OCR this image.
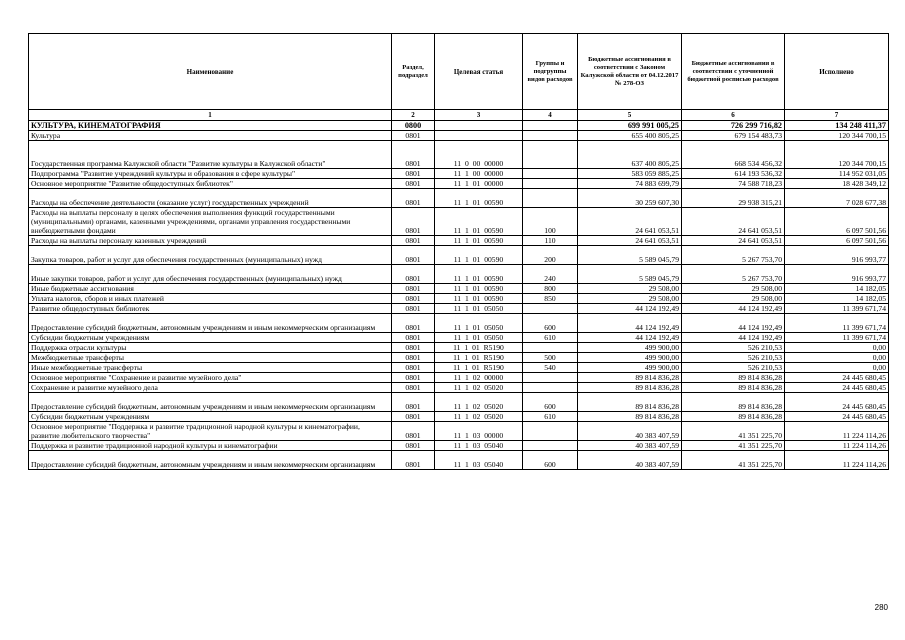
Наименование	Раздел, подраздел	Целевая статья	Группы и подгруппы видов расходов	Бюджетные ассигнования в соответствии с Законом Калужской области от 04.12.2017 № 278-ОЗ	Бюджетные ассигнования в соответствии с уточненной бюджетной росписью расходов	Исполнено
1	2	3	4	5	6	7
КУЛЬТУРА, КИНЕМАТОГРАФИЯ	0800			699 991 005,25	726 299 716,82	134 248 411,37
Культура	0801			655 400 805,25	679 154 483,73	120 344 700,15
Государственная программа Калужской области "Развитие культуры в Калужской области"	0801	11 0 00 00000		637 400 805,25	668 534 456,32	120 344 700,15
Подпрограмма "Развитие учреждений культуры и образования в сфере культуры"	0801	11 1 00 00000		583 059 885,25	614 193 536,32	114 952 031,05
Основное мероприятие "Развитие общедоступных библиотек"	0801	11 1 01 00000		74 883 699,79	74 588 718,23	18 428 349,12
Расходы на обеспечение деятельности (оказание услуг) государственных учреждений	0801	11 1 01 00590		30 259 607,30	29 938 315,21	7 028 677,38
Расходы на выплаты персоналу в целях обеспечения выполнения функций государственными (муниципальными) органами, казенными учреждениями, органами управления государственными внебюджетными фондами	0801	11 1 01 00590	100	24 641 053,51	24 641 053,51	6 097 501,56
Расходы на выплаты персоналу казенных учреждений	0801	11 1 01 00590	110	24 641 053,51	24 641 053,51	6 097 501,56
Закупка товаров, работ и услуг для обеспечения государственных (муниципальных) нужд	0801	11 1 01 00590	200	5 589 045,79	5 267 753,70	916 993,77
Иные закупки товаров, работ и услуг для обеспечения государственных (муниципальных) нужд	0801	11 1 01 00590	240	5 589 045,79	5 267 753,70	916 993,77
Иные бюджетные ассигнования	0801	11 1 01 00590	800	29 508,00	29 508,00	14 182,05
Уплата налогов, сборов и иных платежей	0801	11 1 01 00590	850	29 508,00	29 508,00	14 182,05
Развитие общедоступных библиотек	0801	11 1 01 05050		44 124 192,49	44 124 192,49	11 399 671,74
Предоставление субсидий бюджетным, автономным учреждениям и иным некоммерческим организациям	0801	11 1 01 05050	600	44 124 192,49	44 124 192,49	11 399 671,74
Субсидии бюджетным учреждениям	0801	11 1 01 05050	610	44 124 192,49	44 124 192,49	11 399 671,74
Поддержка отрасли культуры	0801	11 1 01 R5190		499 900,00	526 210,53	0,00
Межбюджетные трансферты	0801	11 1 01 R5190	500	499 900,00	526 210,53	0,00
Иные межбюджетные трансферты	0801	11 1 01 R5190	540	499 900,00	526 210,53	0,00
Основное мероприятие "Сохранение и развитие музейного дела"	0801	11 1 02 00000		89 814 836,28	89 814 836,28	24 445 680,45
Сохранение и развитие музейного дела	0801	11 1 02 05020		89 814 836,28	89 814 836,28	24 445 680,45
Предоставление субсидий бюджетным, автономным учреждениям и иным некоммерческим организациям	0801	11 1 02 05020	600	89 814 836,28	89 814 836,28	24 445 680,45
Субсидии бюджетным учреждениям	0801	11 1 02 05020	610	89 814 836,28	89 814 836,28	24 445 680,45
Основное мероприятие "Поддержка и развитие традиционной народной культуры и кинематографии, развитие любительского творчества"	0801	11 1 03 00000		40 383 407,59	41 351 225,70	11 224 114,26
Поддержка и развитие традиционной народной культуры и кинематографии	0801	11 1 03 05040		40 383 407,59	41 351 225,70	11 224 114,26
Предоставление субсидий бюджетным, автономным учреждениям и иным некоммерческим организациям	0801	11 1 03 05040	600	40 383 407,59	41 351 225,70	11 224 114,26
280
